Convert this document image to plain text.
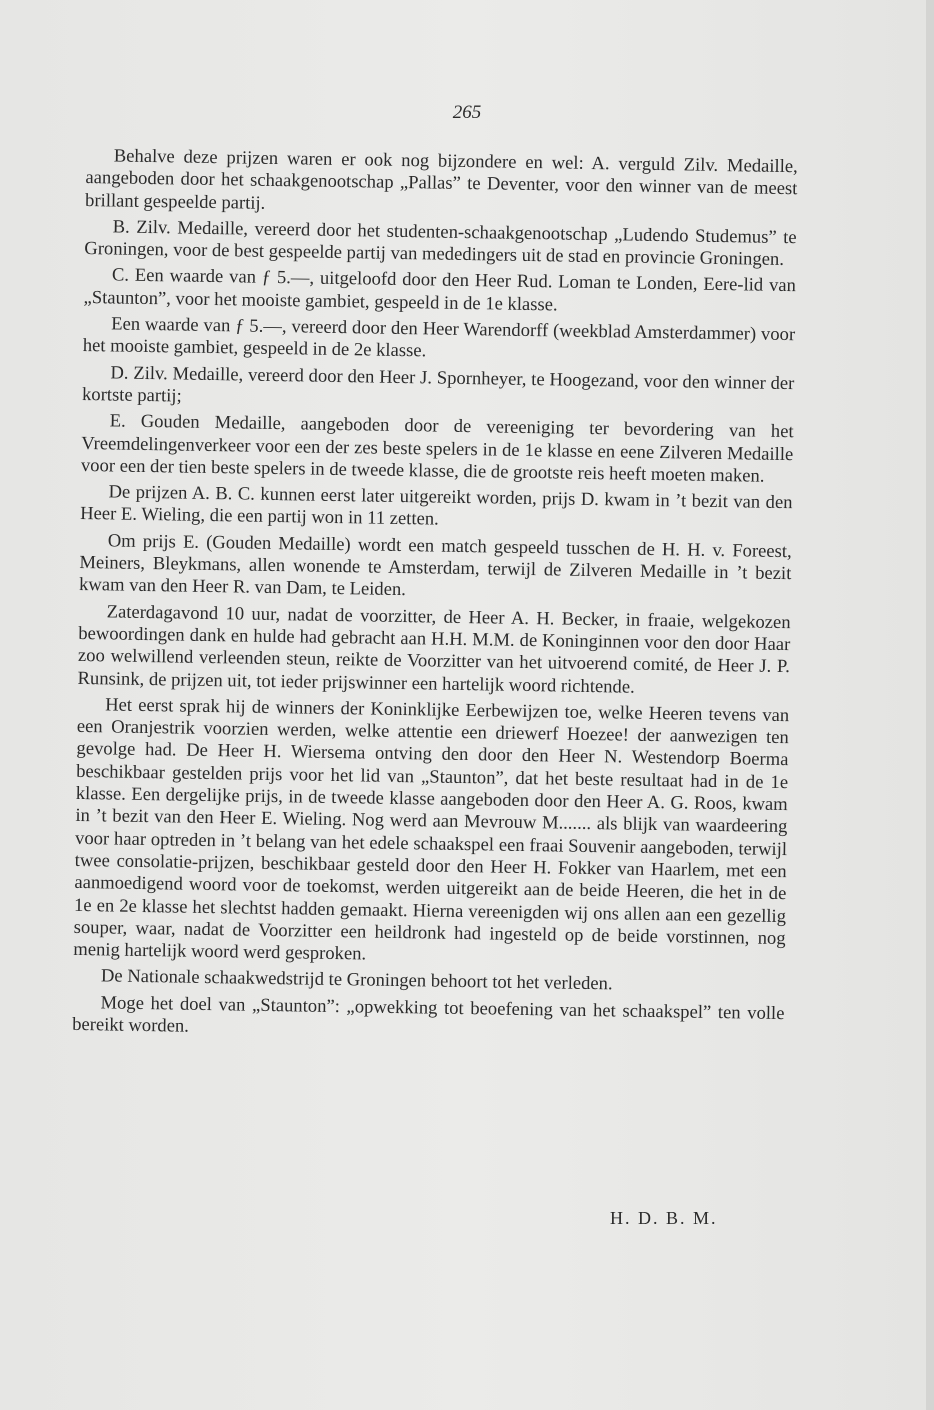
265

Behalve deze prijzen waren er ook nog bijzondere en wel: A. verguld Zilv. Medaille, aangeboden door het schaakgenootschap „Pallas” te Deventer, voor den winner van de meest brillant gespeelde partij.

B. Zilv. Medaille, vereerd door het studenten-schaakgenootschap „Ludendo Studemus” te Groningen, voor de best gespeelde partij van mededingers uit de stad en provincie Groningen.

C. Een waarde van ƒ 5.—, uitgeloofd door den Heer Rud. Loman te Londen, Eere-lid van „Staunton”, voor het mooiste gambiet, gespeeld in de 1e klasse.

Een waarde van ƒ 5.—, vereerd door den Heer Warendorff (weekblad Amsterdammer) voor het mooiste gambiet, gespeeld in de 2e klasse.

D. Zilv. Medaille, vereerd door den Heer J. Spornheyer, te Hoogezand, voor den winner der kortste partij;

E. Gouden Medaille, aangeboden door de vereeniging ter bevordering van het Vreemdelingenverkeer voor een der zes beste spelers in de 1e klasse en eene Zilveren Medaille voor een der tien beste spelers in de tweede klasse, die de grootste reis heeft moeten maken.

De prijzen A. B. C. kunnen eerst later uitgereikt worden, prijs D. kwam in ’t bezit van den Heer E. Wieling, die een partij won in 11 zetten.

Om prijs E. (Gouden Medaille) wordt een match gespeeld tusschen de H. H. v. Foreest, Meiners, Bleykmans, allen wonende te Amsterdam, terwijl de Zilveren Medaille in ’t bezit kwam van den Heer R. van Dam, te Leiden.

Zaterdagavond 10 uur, nadat de voorzitter, de Heer A. H. Becker, in fraaie, welgekozen bewoordingen dank en hulde had gebracht aan H.H. M.M. de Koninginnen voor den door Haar zoo welwillend verleenden steun, reikte de Voorzitter van het uitvoerend comité, de Heer J. P. Runsink, de prijzen uit, tot ieder prijswinner een hartelijk woord richtende.

Het eerst sprak hij de winners der Koninklijke Eerbewijzen toe, welke Heeren tevens van een Oranjestrik voorzien werden, welke attentie een driewerf Hoezee! der aanwezigen ten gevolge had. De Heer H. Wiersema ontving den door den Heer N. Westendorp Boerma beschikbaar gestelden prijs voor het lid van „Staunton”, dat het beste resultaat had in de 1e klasse. Een dergelijke prijs, in de tweede klasse aangeboden door den Heer A. G. Roos, kwam in ’t bezit van den Heer E. Wieling. Nog werd aan Mevrouw M....... als blijk van waardeering voor haar optreden in ’t belang van het edele schaakspel een fraai Souvenir aangeboden, terwijl twee consolatie-prijzen, beschikbaar gesteld door den Heer H. Fokker van Haarlem, met een aanmoedigend woord voor de toekomst, werden uitgereikt aan de beide Heeren, die het in de 1e en 2e klasse het slechtst hadden gemaakt. Hierna vereenigden wij ons allen aan een gezellig souper, waar, nadat de Voorzitter een heildronk had ingesteld op de beide vorstinnen, nog menig hartelijk woord werd gesproken.

De Nationale schaakwedstrijd te Groningen behoort tot het verleden.

Moge het doel van „Staunton”: „opwekking tot beoefening van het schaakspel” ten volle bereikt worden.

H. D. B. M.
